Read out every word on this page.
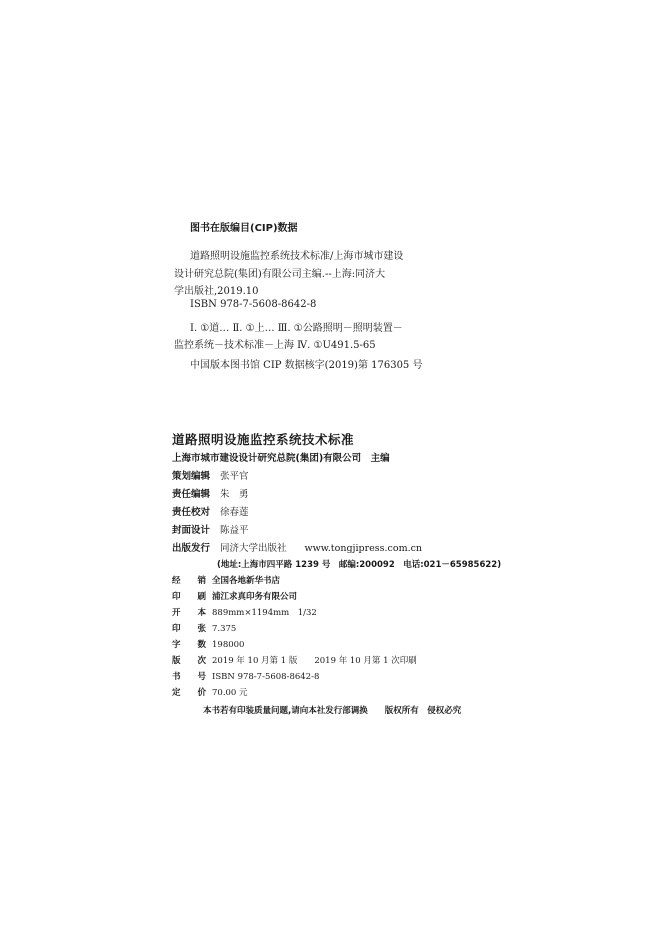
图书在版编目(CIP)数据
道路照明设施监控系统技术标准/上海市城市建设
设计研究总院(集团)有限公司主编.--上海:同济大
学出版社,2019.10
ISBN 978-7-5608-8642-8
Ⅰ. ①道… Ⅱ. ①上… Ⅲ. ①公路照明－照明装置－
监控系统－技术标准－上海 Ⅳ. ①U491.5-65
中国版本图书馆 CIP 数据核字(2019)第 176305 号
道路照明设施监控系统技术标准
上海市城市建设设计研究总院(集团)有限公司　主编
策划编辑 张平官
责任编辑 朱　勇
责任校对 徐春莲
封面设计 陈益平
出版发行 同济大学出版社 www.tongjipress.com.cn
(地址:上海市四平路 1239 号　邮编:200092　电话:021－65985622)
经　　销 全国各地新华书店
印　　刷 浦江求真印务有限公司
开　　本 889mm×1194mm　1/32
印　　张 7.375
字　　数 198000
版　　次 2019 年 10 月第 1 版　　2019 年 10 月第 1 次印刷
书　　号 ISBN 978-7-5608-8642-8
定　　价 70.00 元
本书若有印装质量问题,请向本社发行部调换　　版权所有　侵权必究
